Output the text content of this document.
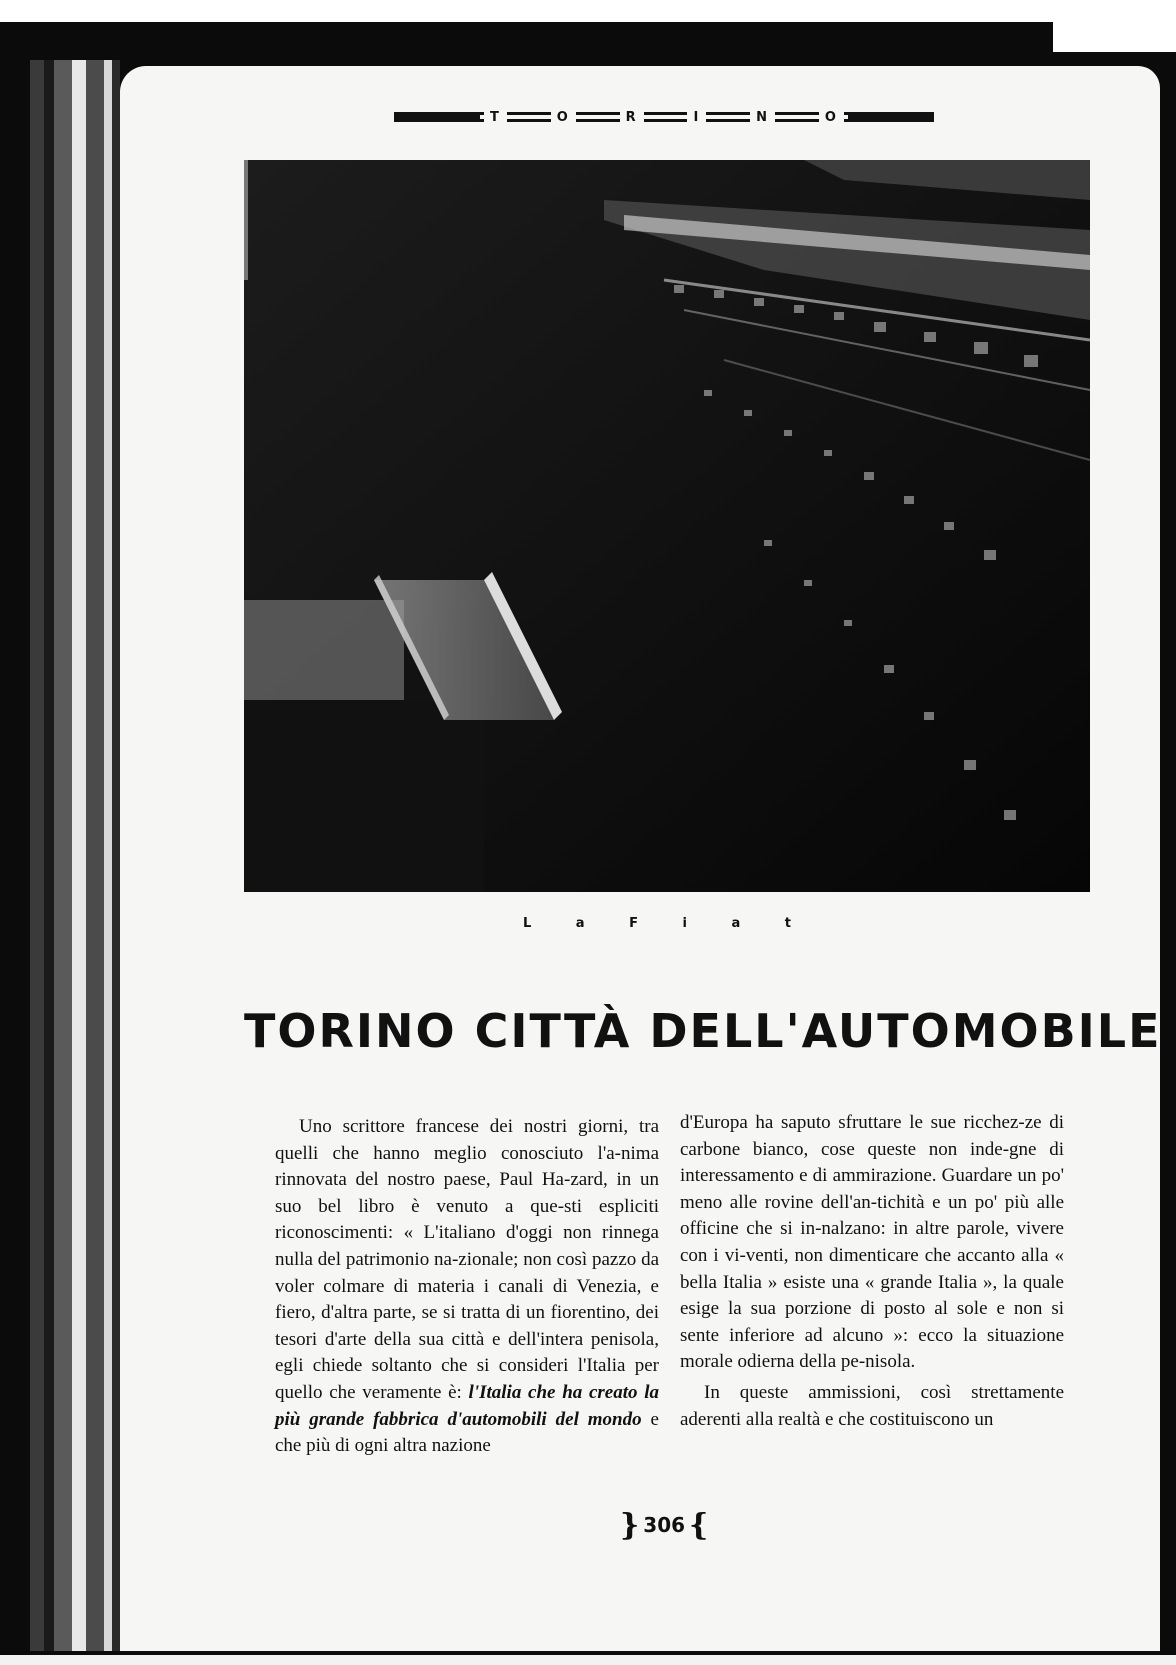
T	O	R	I	N	O
L a F i a t
TORINO CITTÀ DELL'AUTOMOBILE

Uno scrittore francese dei nostri giorni, tra quelli che hanno meglio conosciuto l'a-nima rinnovata del nostro paese, Paul Ha-zard, in un suo bel libro è venuto a que-sti espliciti riconoscimenti: « L'italiano d'oggi non rinnega nulla del patrimonio na-zionale; non così pazzo da voler colmare di materia i canali di Venezia, e fiero, d'altra parte, se si tratta di un fiorentino, dei tesori d'arte della sua città e dell'intera penisola, egli chiede soltanto che si consideri l'Italia per quello che veramente è: l'Italia che ha creato la più grande fabbrica d'automobili del mondo e che più di ogni altra nazione

d'Europa ha saputo sfruttare le sue ricchez-ze di carbone bianco, cose queste non inde-gne di interessamento e di ammirazione. Guardare un po' meno alle rovine dell'an-tichità e un po' più alle officine che si in-nalzano: in altre parole, vivere con i vi-venti, non dimenticare che accanto alla « bella Italia » esiste una « grande Italia », la quale esige la sua porzione di posto al sole e non si sente inferiore ad alcuno »: ecco la situazione morale odierna della pe-nisola.

In queste ammissioni, così strettamente aderenti alla realtà e che costituiscono un

} 306 {
